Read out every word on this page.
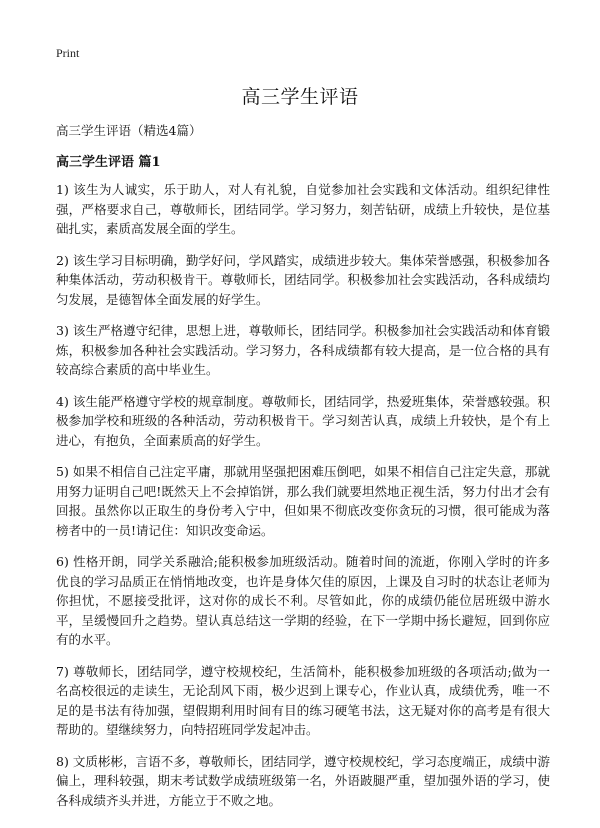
Print
高三学生评语
高三学生评语（精选4篇）
高三学生评语 篇1

1) 该生为人诚实，乐于助人，对人有礼貌，自觉参加社会实践和文体活动。组织纪律性强，严格要求自己，尊敬师长，团结同学。学习努力，刻苦钻研，成绩上升较快，是位基础扎实，素质高发展全面的学生。

2) 该生学习目标明确，勤学好问，学风踏实，成绩进步较大。集体荣誉感强，积极参加各种集体活动，劳动积极肯干。尊敬师长，团结同学。积极参加社会实践活动，各科成绩均匀发展，是德智体全面发展的好学生。

3) 该生严格遵守纪律，思想上进，尊敬师长，团结同学。积极参加社会实践活动和体育锻炼，积极参加各种社会实践活动。学习努力，各科成绩都有较大提高，是一位合格的具有较高综合素质的高中毕业生。

4) 该生能严格遵守学校的规章制度。尊敬师长，团结同学，热爱班集体，荣誉感较强。积极参加学校和班级的各种活动，劳动积极肯干。学习刻苦认真，成绩上升较快，是个有上进心，有抱负，全面素质高的好学生。

5) 如果不相信自己注定平庸，那就用坚强把困难压倒吧，如果不相信自己注定失意，那就用努力证明自己吧!既然天上不会掉馅饼，那么我们就要坦然地正视生活，努力付出才会有回报。虽然你以正取生的身份考入宁中，但如果不彻底改变你贪玩的习惯，很可能成为落榜者中的一员!请记住：知识改变命运。

6) 性格开朗，同学关系融洽;能积极参加班级活动。随着时间的流逝，你刚入学时的许多优良的学习品质正在悄悄地改变，也许是身体欠佳的原因，上课及自习时的状态让老师为你担忧，不愿接受批评，这对你的成长不利。尽管如此，你的成绩仍能位居班级中游水平，呈缓慢回升之趋势。望认真总结这一学期的经验，在下一学期中扬长避短，回到你应有的水平。

7) 尊敬师长，团结同学，遵守校规校纪，生活简朴，能积极参加班级的各项活动;做为一名高校很远的走读生，无论刮风下雨，极少迟到上课专心，作业认真，成绩优秀，唯一不足的是书法有待加强，望假期利用时间有目的练习硬笔书法，这无疑对你的高考是有很大帮助的。望继续努力，向特招班同学发起冲击。

8) 文质彬彬，言语不多，尊敬师长，团结同学，遵守校规校纪，学习态度端正，成绩中游偏上，理科较强，期末考试数学成绩班级第一名，外语跛腿严重，望加强外语的学习，使各科成绩齐头并进，方能立于不败之地。
